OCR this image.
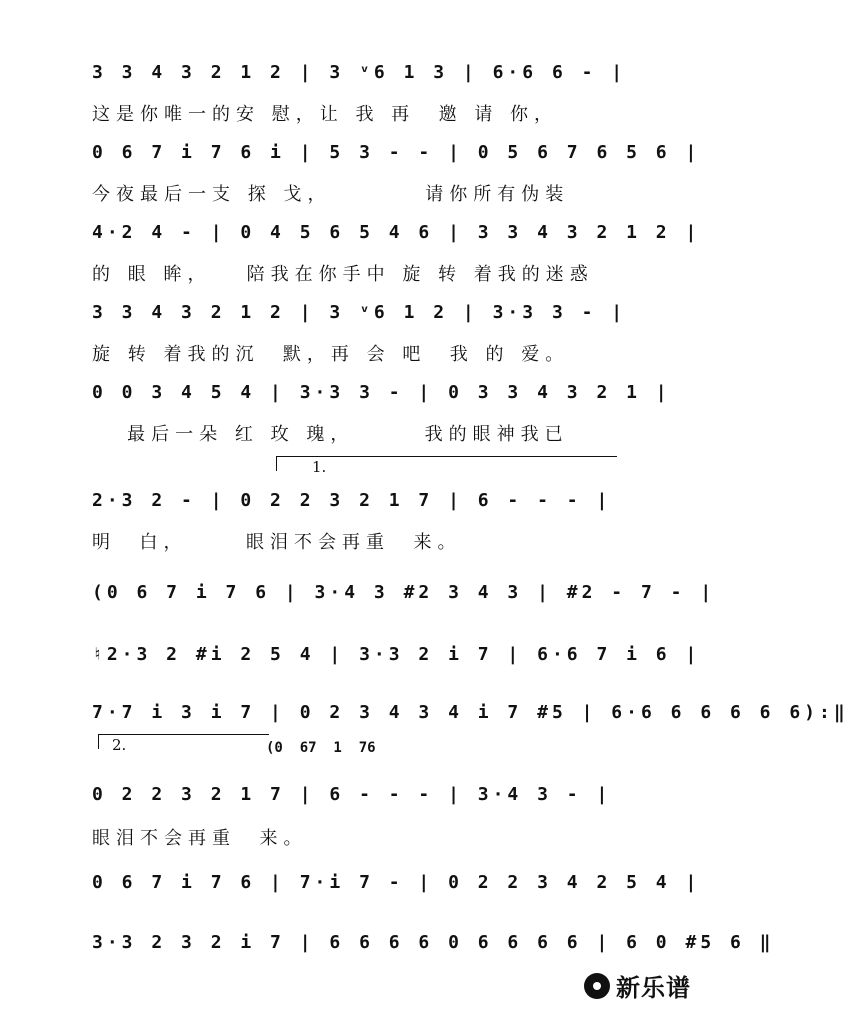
3 3 4 3 2 1 2 | 3 ᵛ6 1 3 | 6·6 6 - |
这是你唯一的安 慰，让 我 再  邀 请 你，
0 6 7 i 7 6 i | 5 3 - - | 0 5 6 7 6 5 6 |
今夜最后一支 探 戈，        请你所有伪装
4·2 4 - | 0 4 5 6 5 4 6 | 3 3 4 3 2 1 2 |
的 眼 眸，   陪我在你手中 旋 转 着我的迷惑
3 3 4 3 2 1 2 | 3 ᵛ6 1 2 | 3·3 3 - |
旋 转 着我的沉  默，再 会 吧  我 的 爱。
0 0 3 4 5 4 | 3·3 3 - | 0 3 3 4 3 2 1 |
最后一朵 红 玫 瑰，      我的眼神我已
1.
2·3 2 - | 0 2 2 3 2 1 7 | 6 - - - |
明  白，     眼泪不会再重  来。
(0 6 7 i 7 6 | 3·4 3 #2 3 4 3 | #2 - 7 - |
♮2·3 2 #i 2 5 4 | 3·3 2 i 7 | 6·6 7 i 6 |
7·7 i 3 i 7 | 0 2 3 4 3 4 i 7 #5 | 6·6 6 6 6 6 6):‖
2.	(0  67  1  76
0 2 2 3 2 1 7 | 6 - - - | 3·4 3 - |
眼泪不会再重  来。
0 6 7 i 7 6 | 7·i 7 - | 0 2 2 3 4 2 5 4 |
3·3 2 3 2 i 7 | 6 6 6 6 0 6 6 6 6 | 6 0 #5 6 ‖
新乐谱
